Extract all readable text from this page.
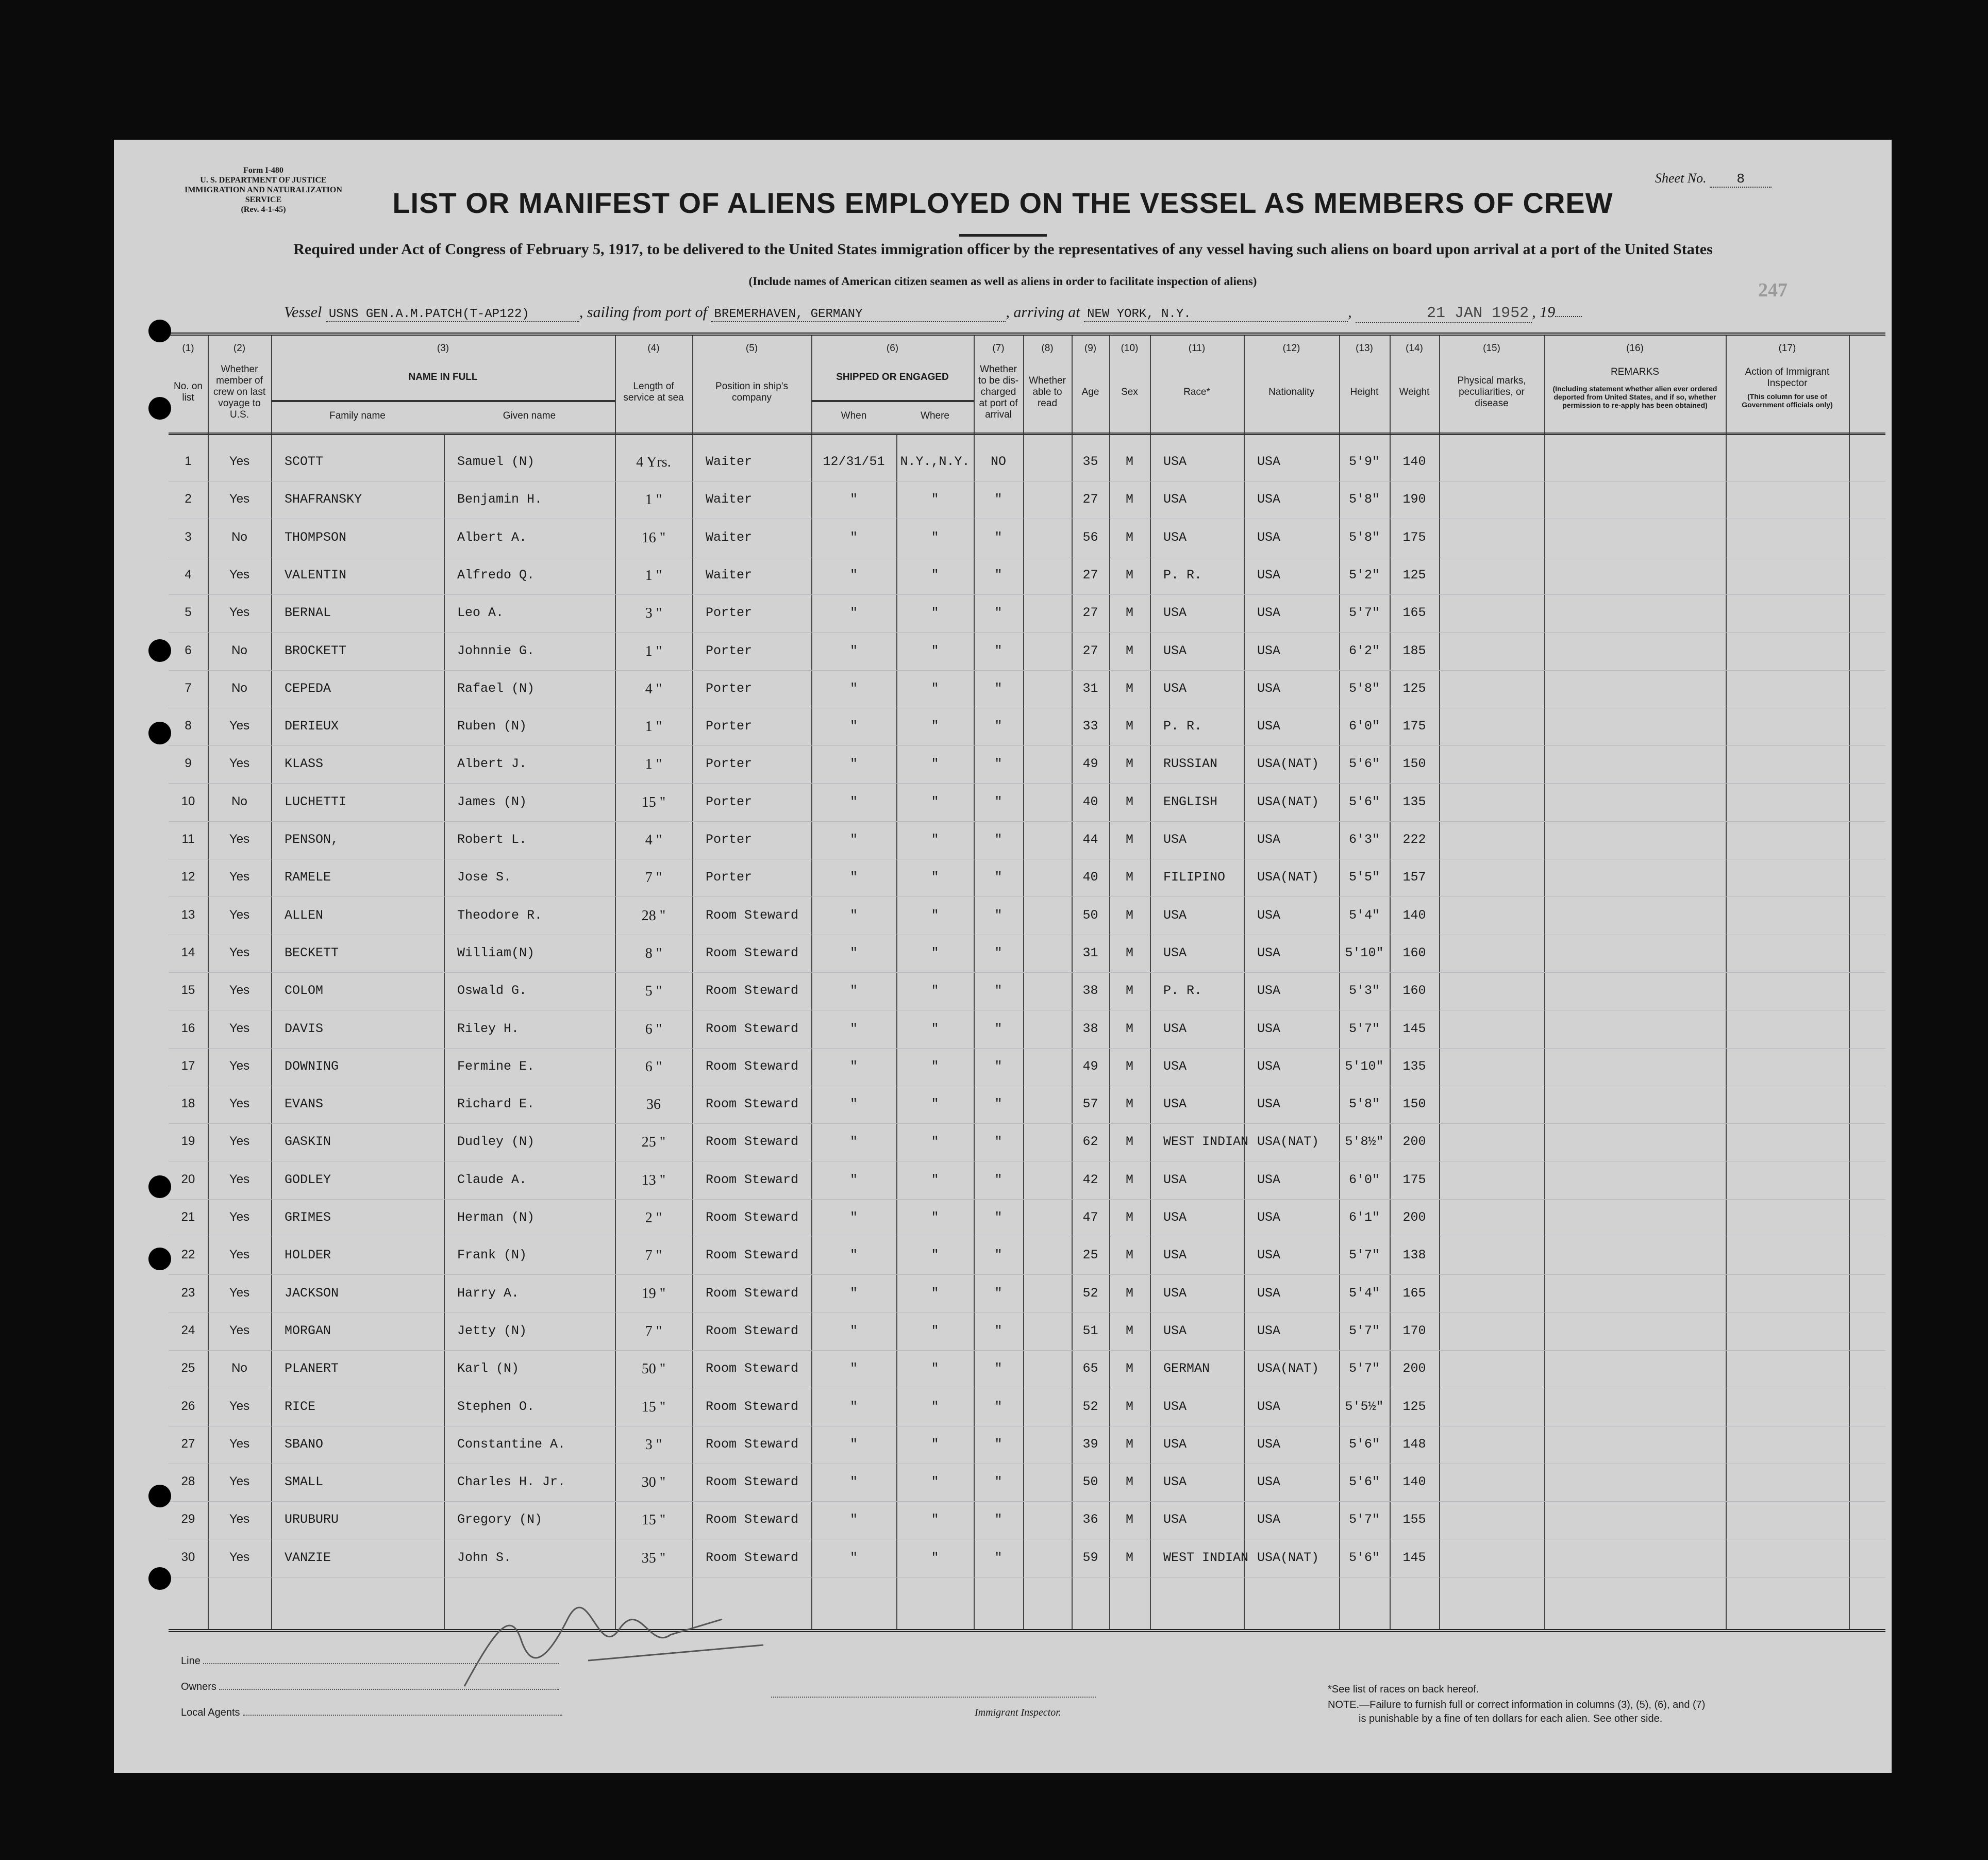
Form I-480
U. S. DEPARTMENT OF JUSTICE
IMMIGRATION AND NATURALIZATION SERVICE
(Rev. 4-1-45)
Sheet No. 8
LIST OR MANIFEST OF ALIENS EMPLOYED ON THE VESSEL AS MEMBERS OF CREW
Required under Act of Congress of February 5, 1917, to be delivered to the United States immigration officer by the representatives of any vessel having such aliens on board upon arrival at a port of the United States
(Include names of American citizen seamen as well as aliens in order to facilitate inspection of aliens)	247
Vessel USNS GEN.A.M.PATCH(T-AP122)	, sailing from port of BREMERHAVEN, GERMANY	, arriving at NEW YORK, N.Y.	,	21 JAN 1952 , 19
(1)
No. on list
(2)
Whether member of crew on last voyage to U.S.
(3)
NAME IN FULL
Family name	Given name
(4)
Length of service at sea
(5)
Position in ship's company
(6)
SHIPPED OR ENGAGED
When	Where
(7)
Whether to be dis-charged at port of arrival
(8)
Whether able to read
(9)
Age
(10)
Sex
(11)
Race*
(12)
Nationality
(13)
Height
(14)
Weight
(15)
Physical marks, peculiarities, or disease
(16)
REMARKS
(Including statement whether alien ever ordered deported from United States, and if so, whether permission to re-apply has been obtained)
(17)
Action of Immigrant Inspector
(This column for use of Government officials only)
1	Yes	SCOTT	Samuel (N)	4 Yrs.	Waiter	12/31/51	N.Y.,N.Y.	NO	35	M	USA	USA	5'9"	140
2	Yes	SHAFRANSKY	Benjamin H.	1 "	Waiter	"	"	"	27	M	USA	USA	5'8"	190
3	No	THOMPSON	Albert A.	16 "	Waiter	"	"	"	56	M	USA	USA	5'8"	175
4	Yes	VALENTIN	Alfredo Q.	1 "	Waiter	"	"	"	27	M	P. R.	USA	5'2"	125
5	Yes	BERNAL	Leo A.	3 "	Porter	"	"	"	27	M	USA	USA	5'7"	165
6	No	BROCKETT	Johnnie G.	1 "	Porter	"	"	"	27	M	USA	USA	6'2"	185
7	No	CEPEDA	Rafael (N)	4 "	Porter	"	"	"	31	M	USA	USA	5'8"	125
8	Yes	DERIEUX	Ruben (N)	1 "	Porter	"	"	"	33	M	P. R.	USA	6'0"	175
9	Yes	KLASS	Albert J.	1 "	Porter	"	"	"	49	M	RUSSIAN	USA(NAT)	5'6"	150
10	No	LUCHETTI	James (N)	15 "	Porter	"	"	"	40	M	ENGLISH	USA(NAT)	5'6"	135
11	Yes	PENSON,	Robert L.	4 "	Porter	"	"	"	44	M	USA	USA	6'3"	222
12	Yes	RAMELE	Jose S.	7 "	Porter	"	"	"	40	M	FILIPINO	USA(NAT)	5'5"	157
13	Yes	ALLEN	Theodore R.	28 "	Room Steward	"	"	"	50	M	USA	USA	5'4"	140
14	Yes	BECKETT	William(N)	8 "	Room Steward	"	"	"	31	M	USA	USA	5'10"	160
15	Yes	COLOM	Oswald G.	5 "	Room Steward	"	"	"	38	M	P. R.	USA	5'3"	160
16	Yes	DAVIS	Riley H.	6 "	Room Steward	"	"	"	38	M	USA	USA	5'7"	145
17	Yes	DOWNING	Fermine E.	6 "	Room Steward	"	"	"	49	M	USA	USA	5'10"	135
18	Yes	EVANS	Richard E.	36	Room Steward	"	"	"	57	M	USA	USA	5'8"	150
19	Yes	GASKIN	Dudley (N)	25 "	Room Steward	"	"	"	62	M	WEST INDIAN USA(NAT)	5'8½"	200
20	Yes	GODLEY	Claude A.	13 "	Room Steward	"	"	"	42	M	USA	USA	6'0"	175
21	Yes	GRIMES	Herman (N)	2 "	Room Steward	"	"	"	47	M	USA	USA	6'1"	200
22	Yes	HOLDER	Frank (N)	7 "	Room Steward	"	"	"	25	M	USA	USA	5'7"	138
23	Yes	JACKSON	Harry A.	19 "	Room Steward	"	"	"	52	M	USA	USA	5'4"	165
24	Yes	MORGAN	Jetty (N)	7 "	Room Steward	"	"	"	51	M	USA	USA	5'7"	170
25	No	PLANERT	Karl (N)	50 "	Room Steward	"	"	"	65	M	GERMAN	USA(NAT)	5'7"	200
26	Yes	RICE	Stephen O.	15 "	Room Steward	"	"	"	52	M	USA	USA	5'5½"	125
27	Yes	SBANO	Constantine A.	3 "	Room Steward	"	"	"	39	M	USA	USA	5'6"	148
28	Yes	SMALL	Charles H. Jr.	30 "	Room Steward	"	"	"	50	M	USA	USA	5'6"	140
29	Yes	URUBURU	Gregory (N)	15 "	Room Steward	"	"	"	36	M	USA	USA	5'7"	155
30	Yes	VANZIE	John S.	35 "	Room Steward	"	"	"	59	M	WEST INDIAN USA(NAT)	5'6"	145
Line
Owners
Local Agents	Immigrant Inspector.
*See list of races on back hereof.
NOTE.—Failure to furnish full or correct information in columns (3), (5), (6), and (7)
is punishable by a fine of ten dollars for each alien. See other side.
